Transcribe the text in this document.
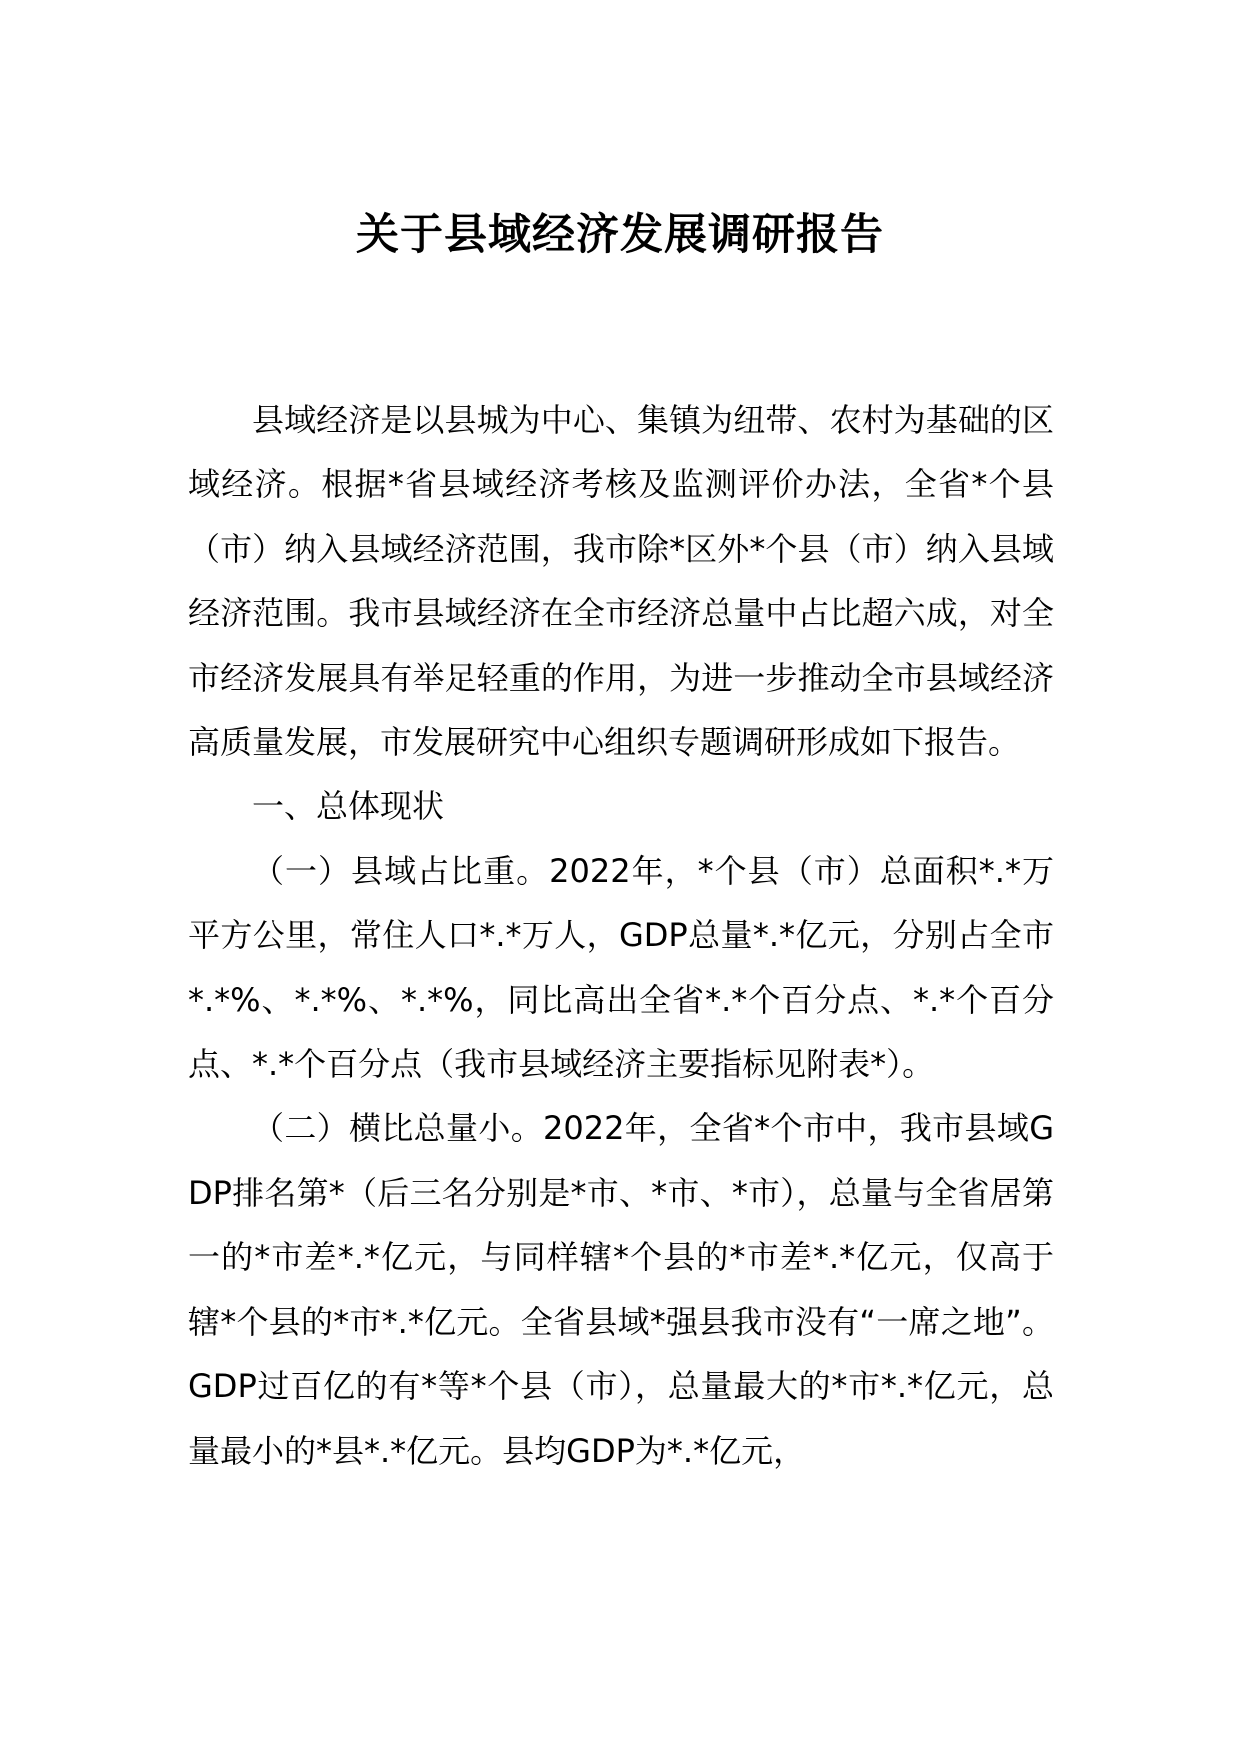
关于县域经济发展调研报告

县域经济是以县城为中心、集镇为纽带、农村为基础的区域经济。根据*省县域经济考核及监测评价办法，全省*个县（市）纳入县域经济范围，我市除*区外*个县（市）纳入县域经济范围。我市县域经济在全市经济总量中占比超六成，对全市经济发展具有举足轻重的作用，为进一步推动全市县域经济高质量发展，市发展研究中心组织专题调研形成如下报告。

一、总体现状

（一）县域占比重。2022年，*个县（市）总面积*.*万平方公里，常住人口*.*万人，GDP总量*.*亿元，分别占全市*.*%、*.*%、*.*%，同比高出全省*.*个百分点、*.*个百分点、*.*个百分点（我市县域经济主要指标见附表*）。

（二）横比总量小。2022年，全省*个市中，我市县域GDP排名第*（后三名分别是*市、*市、*市），总量与全省居第一的*市差*.*亿元，与同样辖*个县的*市差*.*亿元，仅高于辖*个县的*市*.*亿元。全省县域*强县我市没有“一席之地”。GDP过百亿的有*等*个县（市），总量最大的*市*.*亿元，总量最小的*县*.*亿元。县均GDP为*.*亿元，
